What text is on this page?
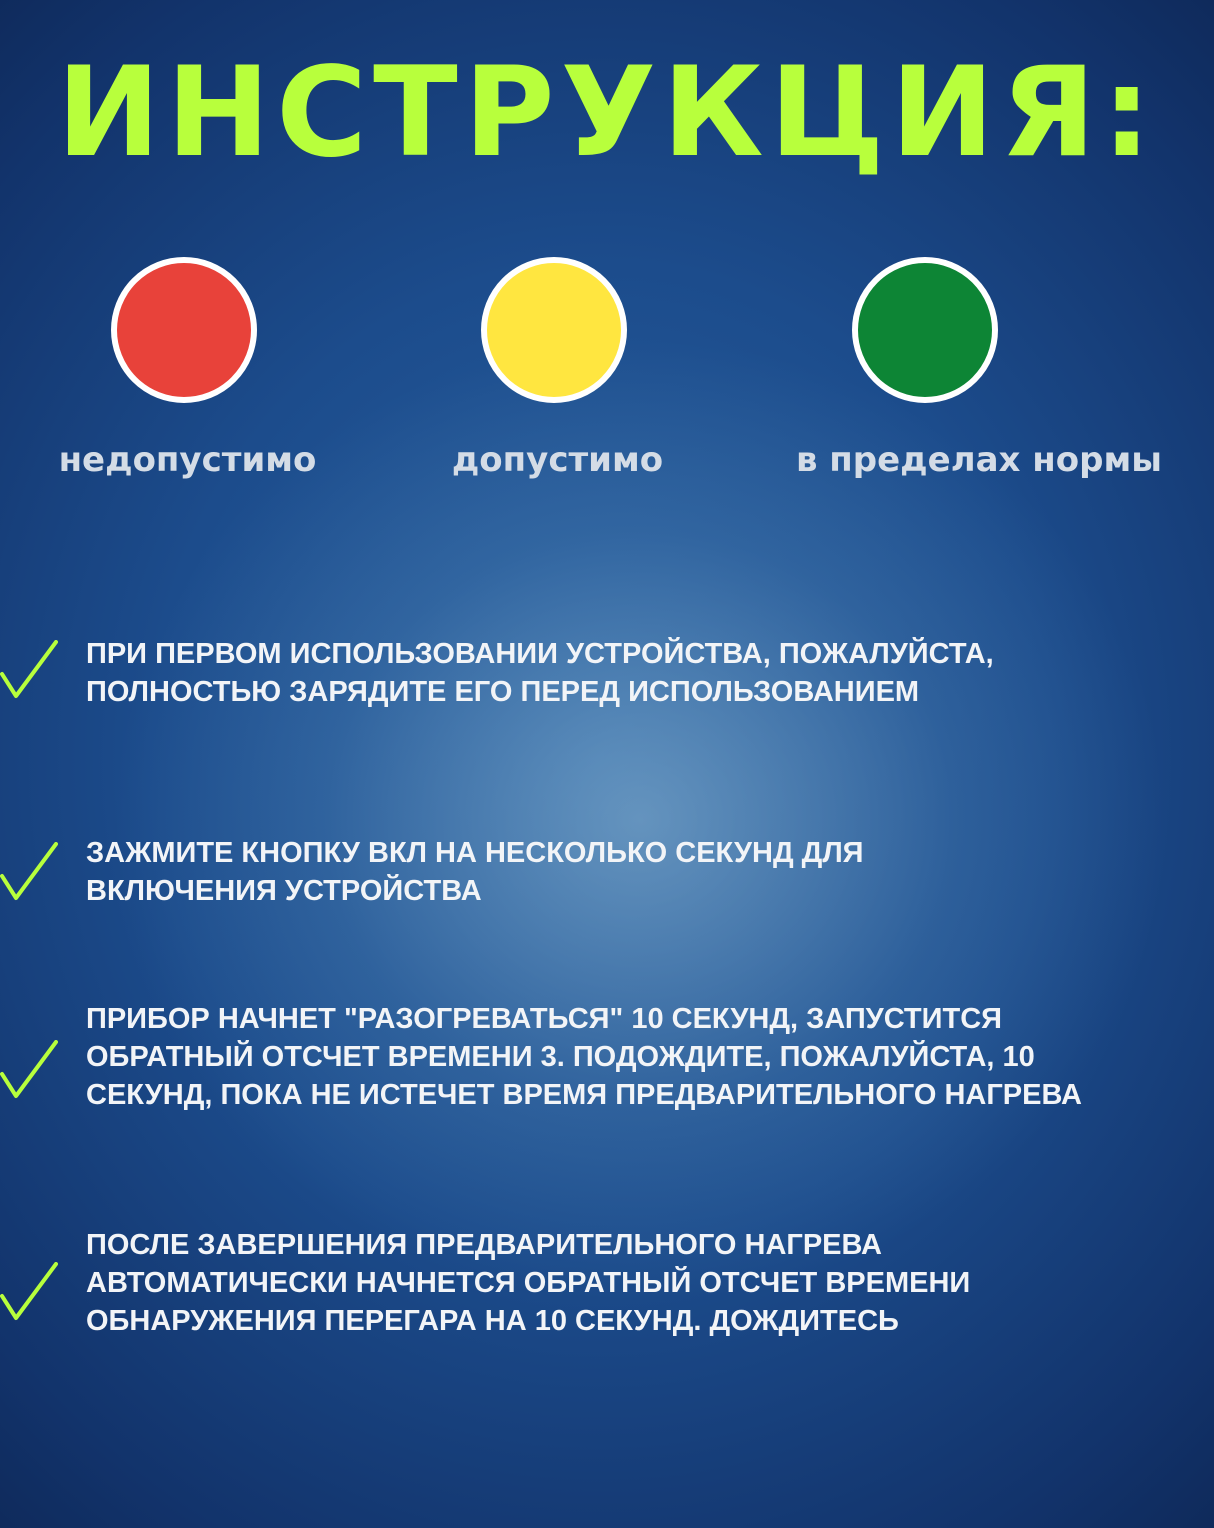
ИНСТРУКЦИЯ:
недопустимо	допустимо	в пределах нормы
ПРИ ПЕРВОМ ИСПОЛЬЗОВАНИИ УСТРОЙСТВА, ПОЖАЛУЙСТА,
ПОЛНОСТЬЮ ЗАРЯДИТЕ ЕГО ПЕРЕД ИСПОЛЬЗОВАНИЕМ
ЗАЖМИТЕ КНОПКУ ВКЛ НА НЕСКОЛЬКО СЕКУНД ДЛЯ
ВКЛЮЧЕНИЯ УСТРОЙСТВА
ПРИБОР НАЧНЕТ "РАЗОГРЕВАТЬСЯ" 10 СЕКУНД, ЗАПУСТИТСЯ
ОБРАТНЫЙ ОТСЧЕТ ВРЕМЕНИ 3. ПОДОЖДИТЕ, ПОЖАЛУЙСТА, 10
СЕКУНД, ПОКА НЕ ИСТЕЧЕТ ВРЕМЯ ПРЕДВАРИТЕЛЬНОГО НАГРЕВА
ПОСЛЕ ЗАВЕРШЕНИЯ ПРЕДВАРИТЕЛЬНОГО НАГРЕВА
АВТОМАТИЧЕСКИ НАЧНЕТСЯ ОБРАТНЫЙ ОТСЧЕТ ВРЕМЕНИ
ОБНАРУЖЕНИЯ ПЕРЕГАРА НА 10 СЕКУНД. ДОЖДИТЕСЬ
